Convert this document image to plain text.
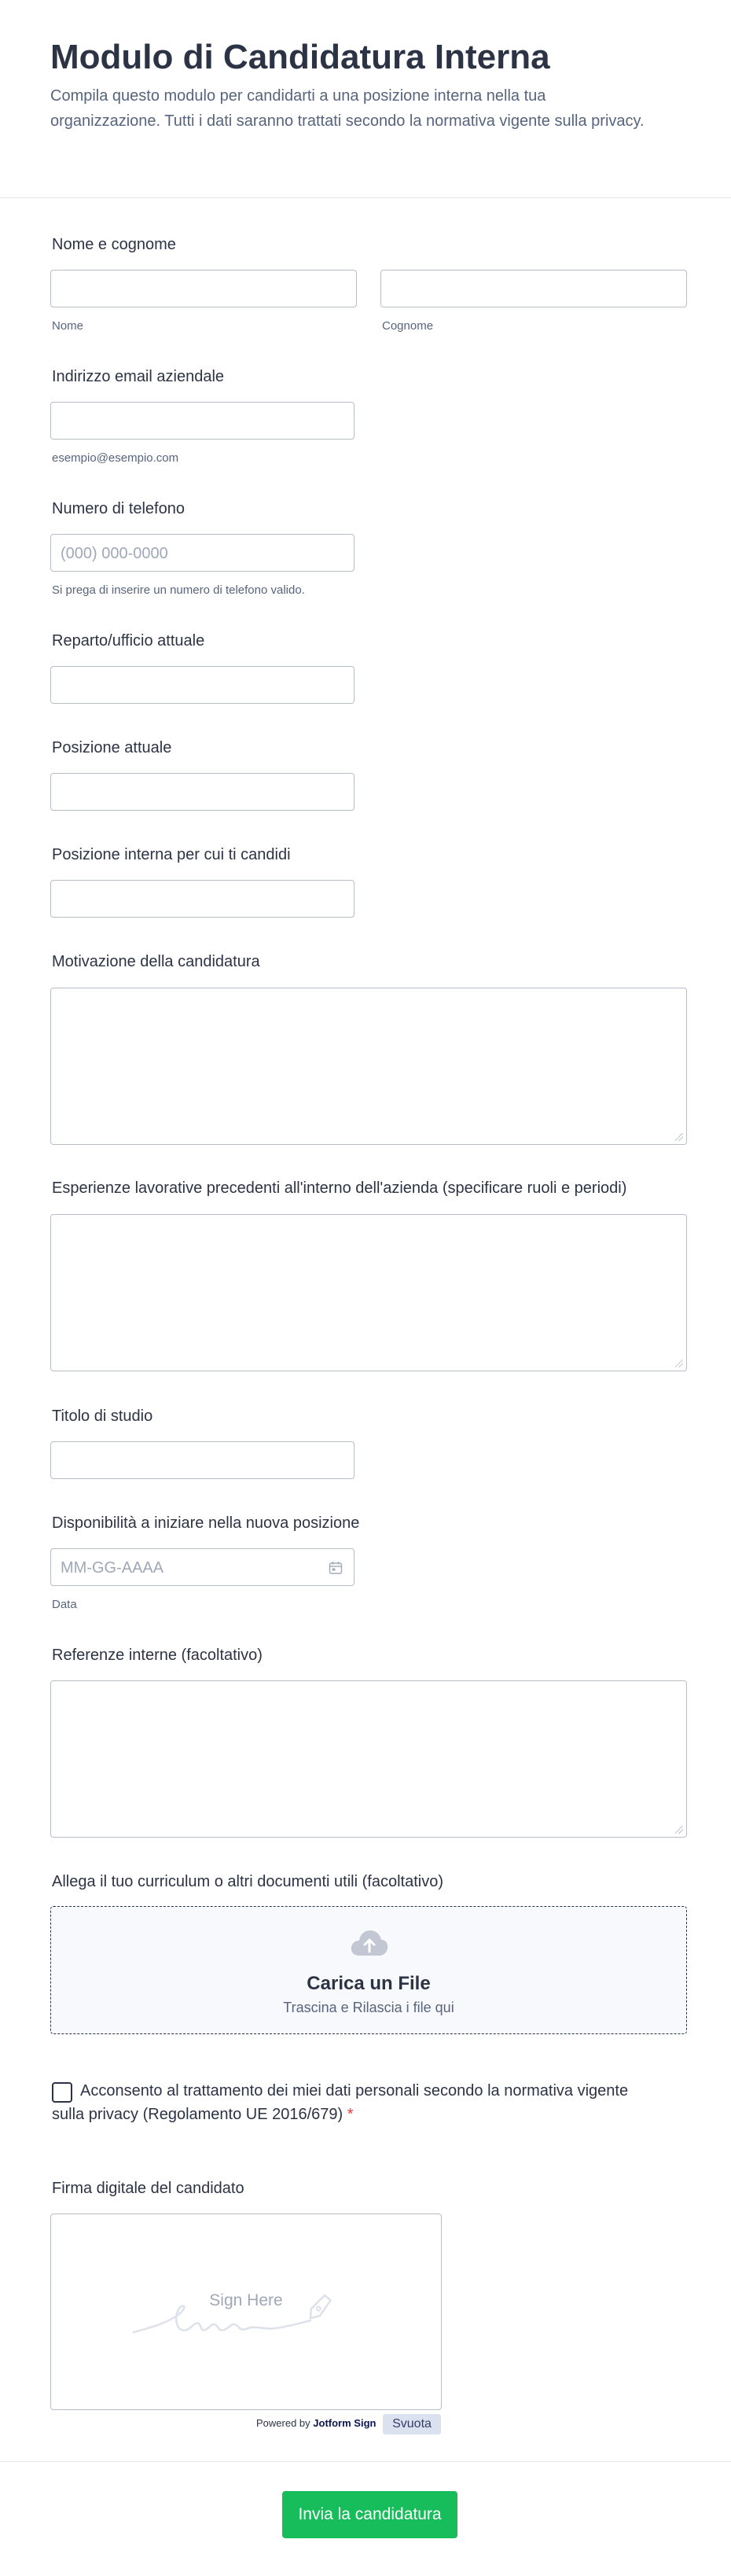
Modulo di Candidatura Interna

Compila questo modulo per candidarti a una posizione interna nella tua organizzazione. Tutti i dati saranno trattati secondo la normativa vigente sulla privacy.

Nome e cognome
Nome	Cognome
Indirizzo email aziendale
esempio@esempio.com
Numero di telefono
(000) 000-0000
Si prega di inserire un numero di telefono valido.
Reparto/ufficio attuale
Posizione attuale
Posizione interna per cui ti candidi
Motivazione della candidatura
Esperienze lavorative precedenti all'interno dell'azienda (specificare ruoli e periodi)
Titolo di studio
Disponibilità a iniziare nella nuova posizione
MM-GG-AAAA
Data
Referenze interne (facoltativo)
Allega il tuo curriculum o altri documenti utili (facoltativo)
Carica un File
Trascina e Rilascia i file qui
Acconsento al trattamento dei miei dati personali secondo la normativa vigente sulla privacy (Regolamento UE 2016/679) *
Firma digitale del candidato
Sign Here
Powered by Jotform Sign	Svuota
Invia la candidatura
